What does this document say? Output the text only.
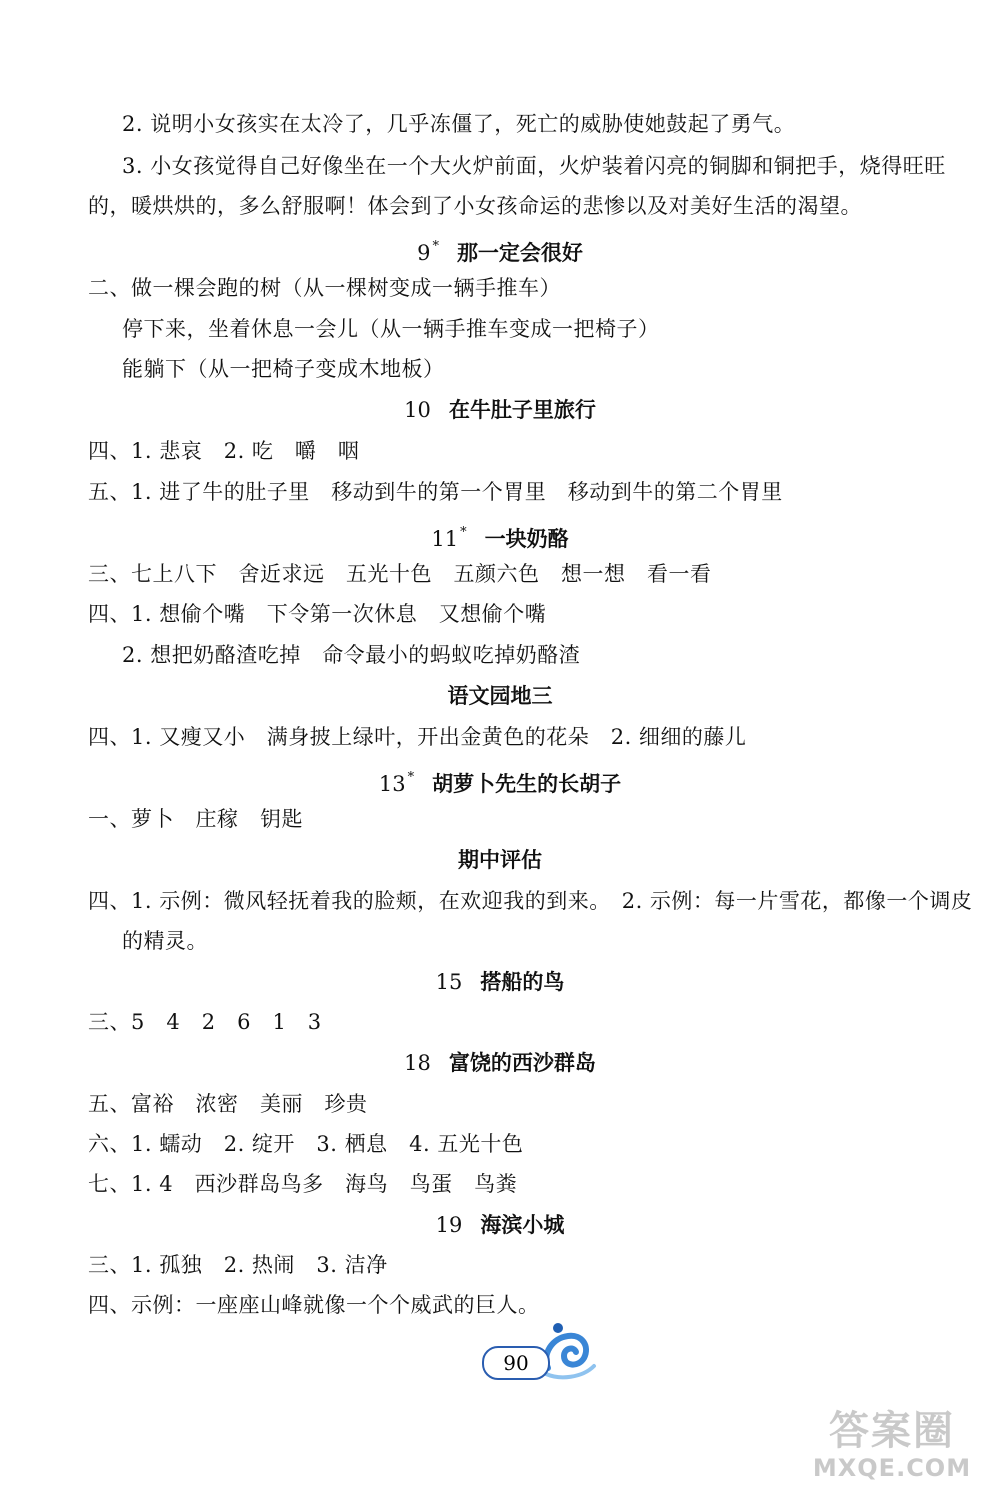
2. 说明小女孩实在太冷了，几乎冻僵了，死亡的威胁使她鼓起了勇气。
3. 小女孩觉得自己好像坐在一个大火炉前面，火炉装着闪亮的铜脚和铜把手，烧得旺旺
的，暖烘烘的，多么舒服啊！体会到了小女孩命运的悲惨以及对美好生活的渴望。
9 * 那一定会很好
二、做一棵会跑的树（从一棵树变成一辆手推车）
停下来，坐着休息一会儿（从一辆手推车变成一把椅子）
能躺下（从一把椅子变成木地板）
10 在牛肚子里旅行
四、1. 悲哀　2. 吃　嚼　咽
五、1. 进了牛的肚子里　移动到牛的第一个胃里　移动到牛的第二个胃里
11 * 一块奶酪
三、七上八下　舍近求远　五光十色　五颜六色　想一想　看一看
四、1. 想偷个嘴　下令第一次休息　又想偷个嘴
2. 想把奶酪渣吃掉　命令最小的蚂蚁吃掉奶酪渣
语文园地三
四、1. 又瘦又小　满身披上绿叶，开出金黄色的花朵　2. 细细的藤儿
13 * 胡萝卜先生的长胡子
一、萝卜　庄稼　钥匙
期中评估
四、1. 示例：微风轻抚着我的脸颊，在欢迎我的到来。　2. 示例：每一片雪花，都像一个调皮
的精灵。
15 搭船的鸟
三、5　4　2　6　1　3
18 富饶的西沙群岛
五、富裕　浓密　美丽　珍贵
六、1. 蠕动　2. 绽开　3. 栖息　4. 五光十色
七、1. 4　西沙群岛鸟多　海鸟　鸟蛋　鸟粪
19 海滨小城
三、1. 孤独　2. 热闹　3. 洁净
四、示例：一座座山峰就像一个个威武的巨人。
90
答案圈
MXQE.COM
